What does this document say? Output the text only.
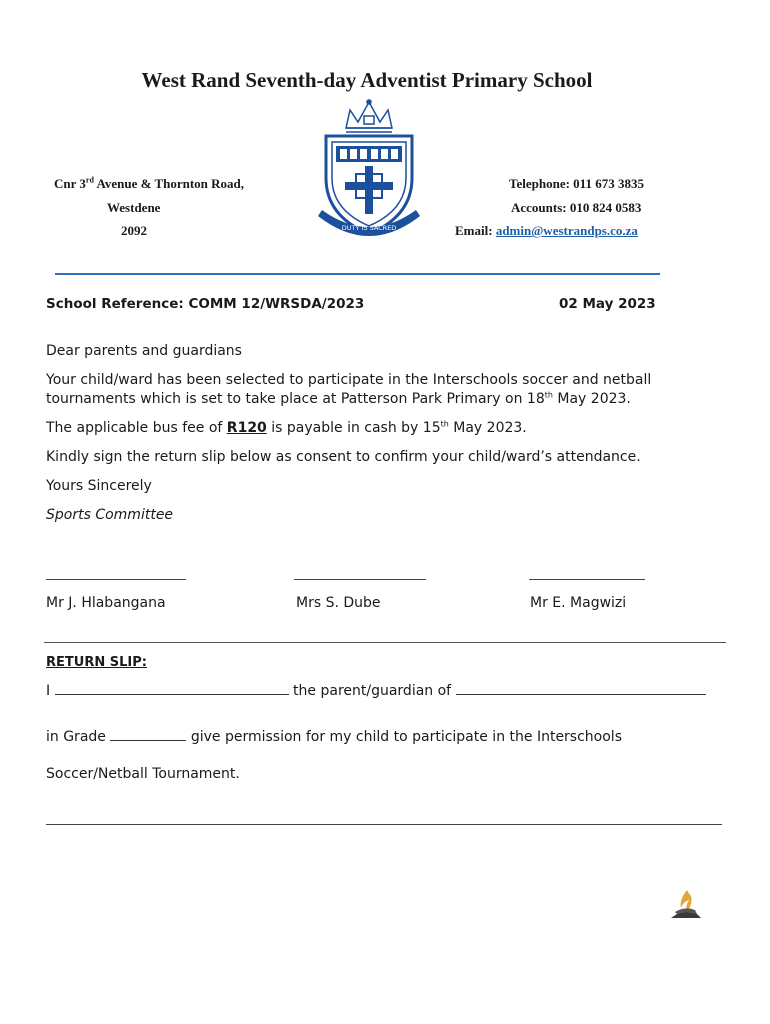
West Rand Seventh-day Adventist Primary School
DUTY IS SACRED
Cnr 3rd Avenue & Thornton Road,
Westdene
2092
Telephone: 011 673 3835
Accounts: 010 824 0583
Email: admin@westrandps.co.za
School Reference: COMM 12/WRSDA/2023	02 May 2023
Dear parents and guardians
Your child/ward has been selected to participate in the Interschools soccer and netball
tournaments which is set to take place at Patterson Park Primary on 18th May 2023.
The applicable bus fee of R120 is payable in cash by 15th May 2023.
Kindly sign the return slip below as consent to confirm your child/ward’s attendance.
Yours Sincerely
Sports Committee
Mr J. Hlabangana	Mrs S. Dube	Mr E. Magwizi
RETURN SLIP:
I	the parent/guardian of
in Grade	give permission for my child to participate in the Interschools
Soccer/Netball Tournament.
